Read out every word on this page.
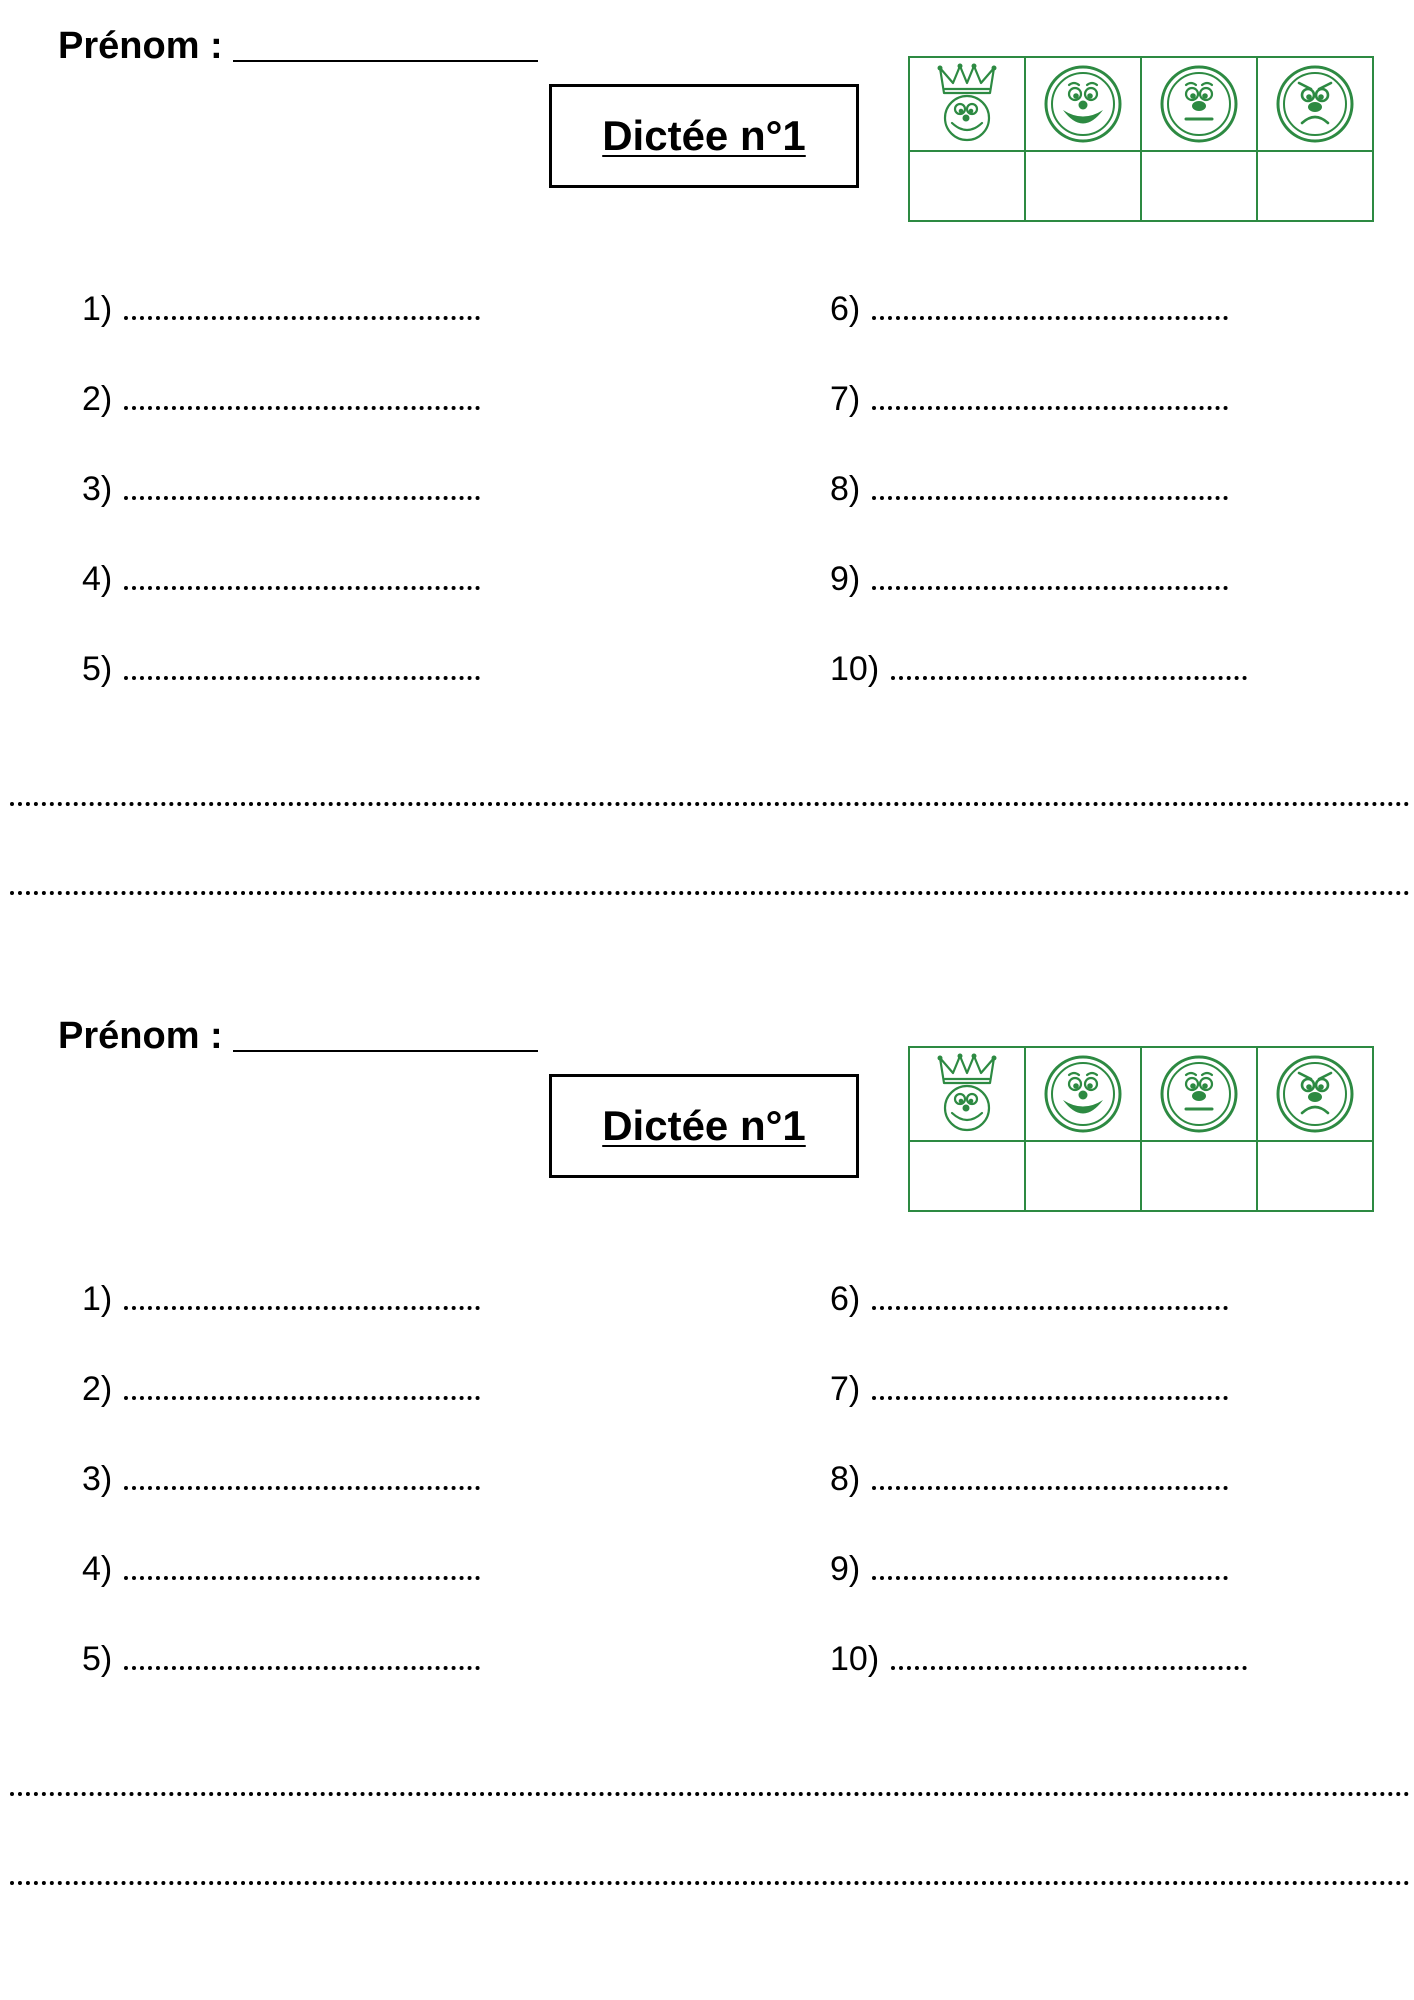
Prénom :
Dictée n°1

1)
2)
3)
4)
5)
6)
7)
8)
9)
10)
Prénom :
Dictée n°1

1)
2)
3)
4)
5)
6)
7)
8)
9)
10)
